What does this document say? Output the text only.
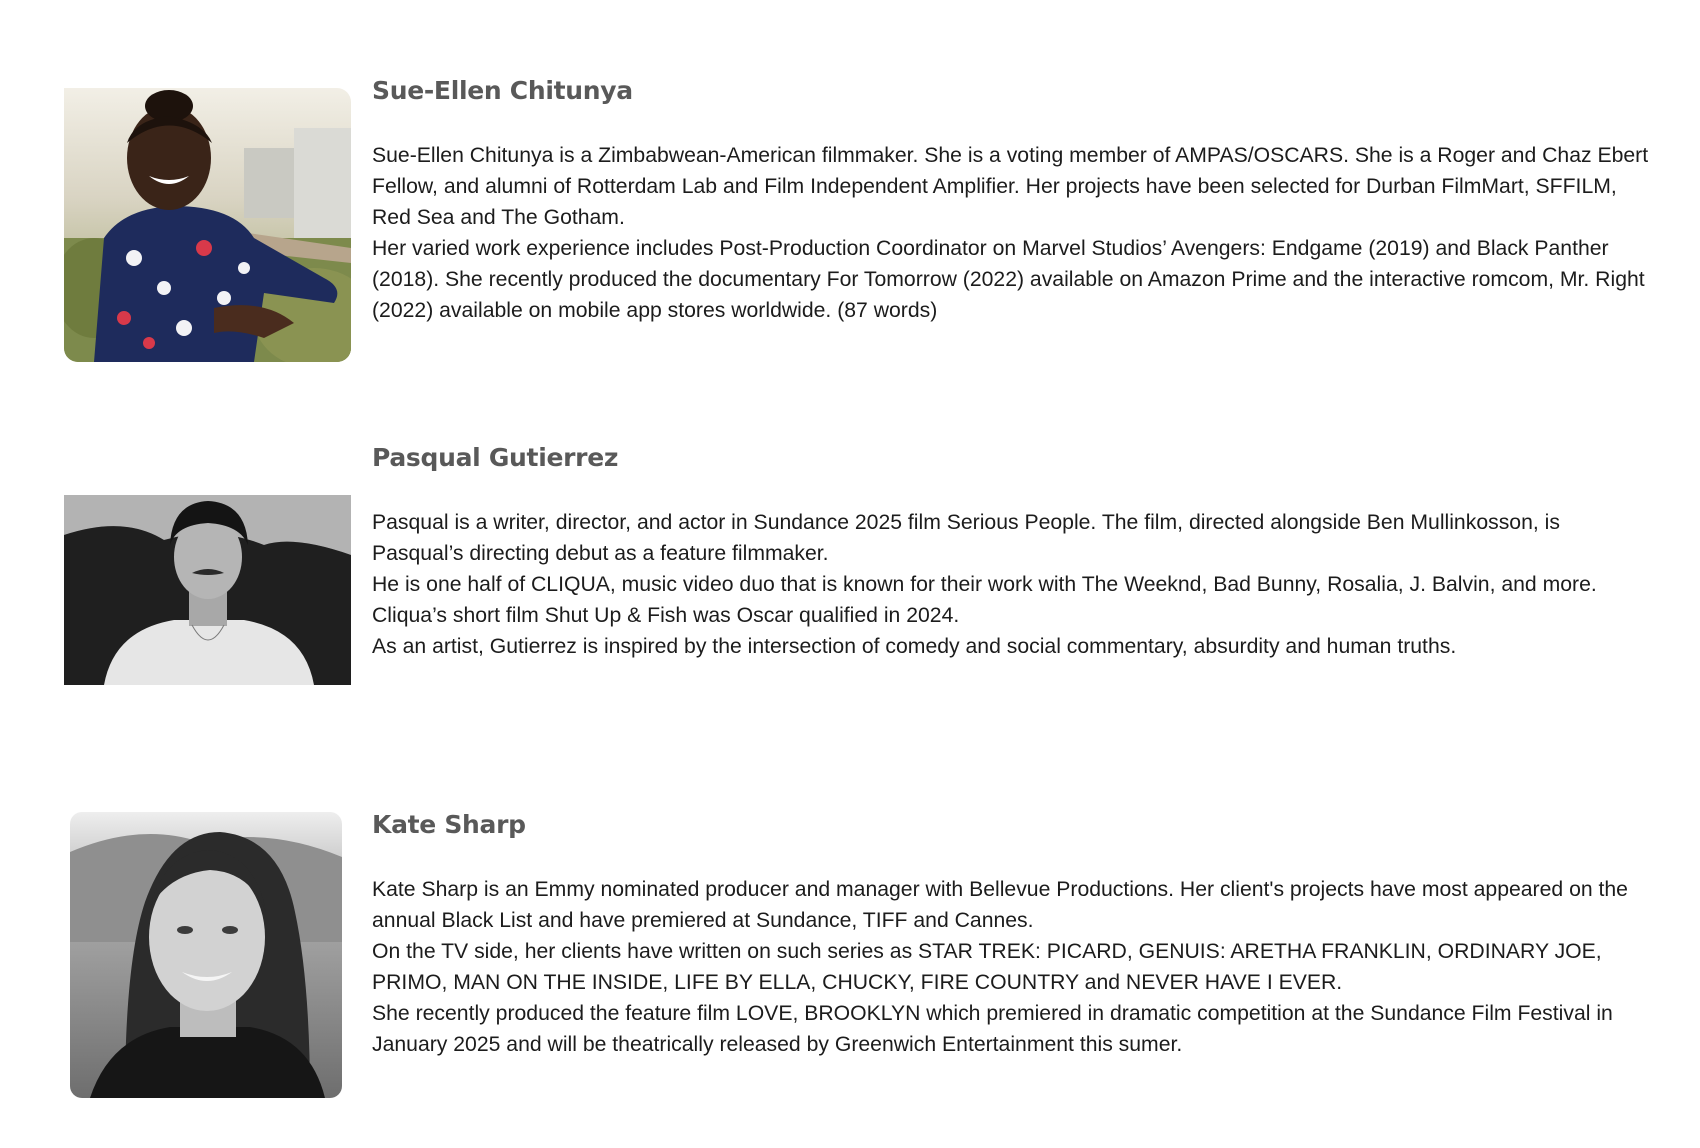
Sue-Ellen Chitunya

Sue-Ellen Chitunya is a Zimbabwean-American filmmaker. She is a voting member of AMPAS/OSCARS. She is a Roger and Chaz Ebert Fellow, and alumni of Rotterdam Lab and Film Independent Amplifier. Her projects have been selected for Durban FilmMart, SFFILM, Red Sea and The Gotham.

Her varied work experience includes Post-Production Coordinator on Marvel Studios’ Avengers: Endgame (2019) and Black Panther (2018). She recently produced the documentary For Tomorrow (2022) available on Amazon Prime and the interactive romcom, Mr. Right (2022) available on mobile app stores worldwide. (87 words)

Pasqual Gutierrez

Pasqual is a writer, director, and actor in Sundance 2025 film Serious People. The film, directed alongside Ben Mullinkosson, is Pasqual’s directing debut as a feature filmmaker.

He is one half of CLIQUA, music video duo that is known for their work with The Weeknd, Bad Bunny, Rosalia, J. Balvin, and more. Cliqua’s short film Shut Up & Fish was Oscar qualified in 2024.

As an artist, Gutierrez is inspired by the intersection of comedy and social commentary, absurdity and human truths.

Kate Sharp

Kate Sharp is an Emmy nominated producer and manager with Bellevue Productions. Her client's projects have most appeared on the annual Black List and have premiered at Sundance, TIFF and Cannes.

On the TV side, her clients have written on such series as STAR TREK: PICARD, GENUIS: ARETHA FRANKLIN, ORDINARY JOE, PRIMO, MAN ON THE INSIDE, LIFE BY ELLA, CHUCKY, FIRE COUNTRY and NEVER HAVE I EVER.

She recently produced the feature film LOVE, BROOKLYN which premiered in dramatic competition at the Sundance Film Festival in January 2025 and will be theatrically released by Greenwich Entertainment this sumer.
